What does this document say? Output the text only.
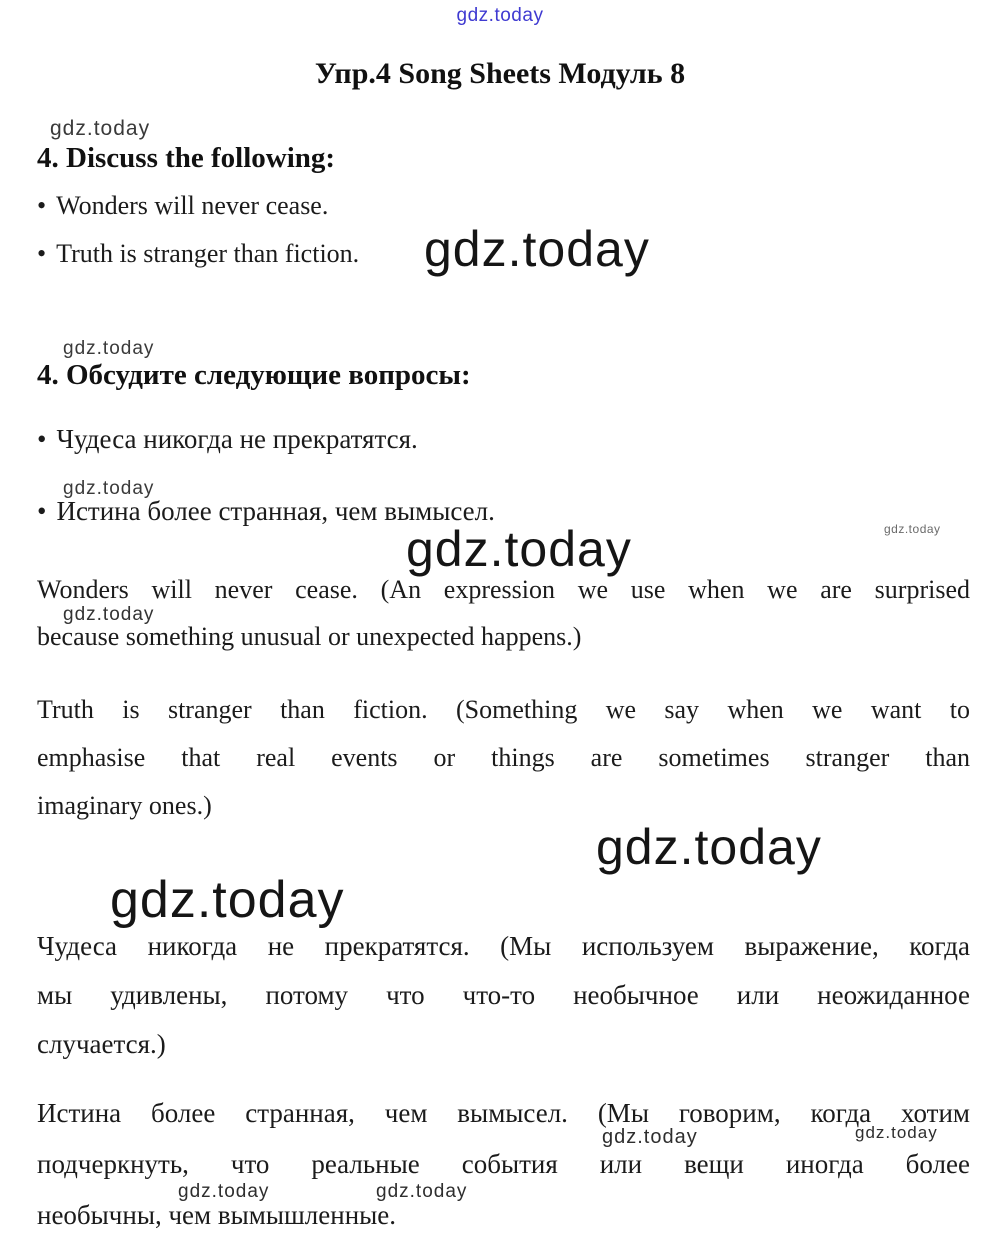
gdz.today
gdz.today
gdz.today
gdz.today
gdz.today
gdz.today
gdz.today
gdz.today
gdz.today
gdz.today
gdz.today	gdz.today
gdz.today	gdz.today
Упр.4 Song Sheets Модуль 8
4. Discuss the following:
• Wonders will never cease.
• Truth is stranger than fiction.
4. Обсудите следующие вопросы:
• Чудеса никогда не прекратятся.
• Истина более странная, чем вымысел.
Wonders will never cease. (An expression we use when we are surprised
because something unusual or unexpected happens.)
Truth is stranger than fiction. (Something we say when we want to
emphasise that real events or things are sometimes stranger than
imaginary ones.)
Чудеса никогда не прекратятся. (Мы используем выражение, когда
мы удивлены, потому что что-то необычное или неожиданное
случается.)
Истина более странная, чем вымысел. (Мы говорим, когда хотим
подчеркнуть, что реальные события или вещи иногда более
необычны, чем вымышленные.
